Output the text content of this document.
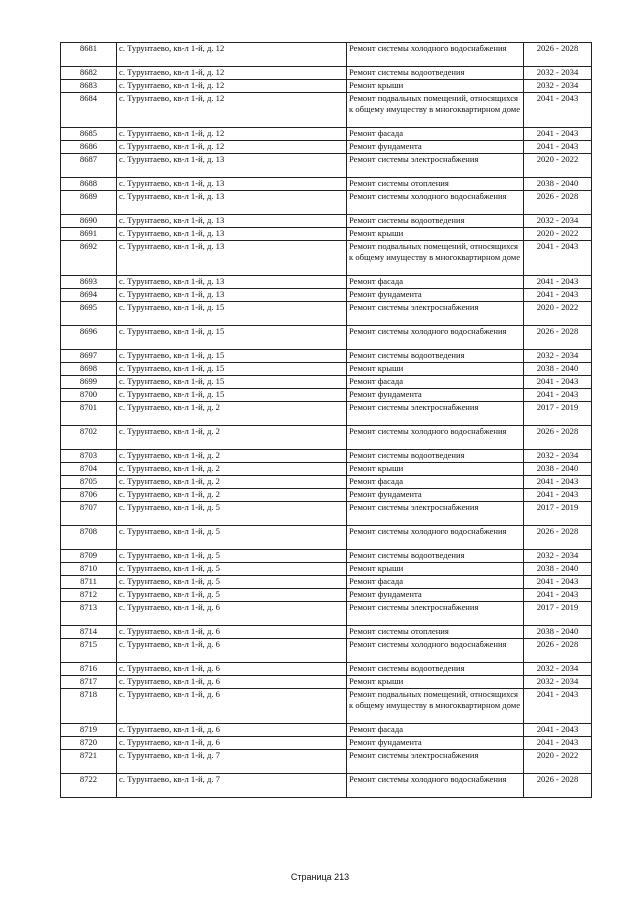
8681	с. Турунтаево, кв-л 1-й, д. 12	Ремонт системы холодного водоснабжения	2026 - 2028
8682	с. Турунтаево, кв-л 1-й, д. 12	Ремонт системы водоотведения	2032 - 2034
8683	с. Турунтаево, кв-л 1-й, д. 12	Ремонт крыши	2032 - 2034
8684	с. Турунтаево, кв-л 1-й, д. 12	Ремонт подвальных помещений, относящихся к общему имуществу в многоквартирном доме	2041 - 2043
8685	с. Турунтаево, кв-л 1-й, д. 12	Ремонт фасада	2041 - 2043
8686	с. Турунтаево, кв-л 1-й, д. 12	Ремонт фундамента	2041 - 2043
8687	с. Турунтаево, кв-л 1-й, д. 13	Ремонт системы электроснабжения	2020 - 2022
8688	с. Турунтаево, кв-л 1-й, д. 13	Ремонт системы отопления	2038 - 2040
8689	с. Турунтаево, кв-л 1-й, д. 13	Ремонт системы холодного водоснабжения	2026 - 2028
8690	с. Турунтаево, кв-л 1-й, д. 13	Ремонт системы водоотведения	2032 - 2034
8691	с. Турунтаево, кв-л 1-й, д. 13	Ремонт крыши	2020 - 2022
8692	с. Турунтаево, кв-л 1-й, д. 13	Ремонт подвальных помещений, относящихся к общему имуществу в многоквартирном доме	2041 - 2043
8693	с. Турунтаево, кв-л 1-й, д. 13	Ремонт фасада	2041 - 2043
8694	с. Турунтаево, кв-л 1-й, д. 13	Ремонт фундамента	2041 - 2043
8695	с. Турунтаево, кв-л 1-й, д. 15	Ремонт системы электроснабжения	2020 - 2022
8696	с. Турунтаево, кв-л 1-й, д. 15	Ремонт системы холодного водоснабжения	2026 - 2028
8697	с. Турунтаево, кв-л 1-й, д. 15	Ремонт системы водоотведения	2032 - 2034
8698	с. Турунтаево, кв-л 1-й, д. 15	Ремонт крыши	2038 - 2040
8699	с. Турунтаево, кв-л 1-й, д. 15	Ремонт фасада	2041 - 2043
8700	с. Турунтаево, кв-л 1-й, д. 15	Ремонт фундамента	2041 - 2043
8701	с. Турунтаево, кв-л 1-й, д. 2	Ремонт системы электроснабжения	2017 - 2019
8702	с. Турунтаево, кв-л 1-й, д. 2	Ремонт системы холодного водоснабжения	2026 - 2028
8703	с. Турунтаево, кв-л 1-й, д. 2	Ремонт системы водоотведения	2032 - 2034
8704	с. Турунтаево, кв-л 1-й, д. 2	Ремонт крыши	2038 - 2040
8705	с. Турунтаево, кв-л 1-й, д. 2	Ремонт фасада	2041 - 2043
8706	с. Турунтаево, кв-л 1-й, д. 2	Ремонт фундамента	2041 - 2043
8707	с. Турунтаево, кв-л 1-й, д. 5	Ремонт системы электроснабжения	2017 - 2019
8708	с. Турунтаево, кв-л 1-й, д. 5	Ремонт системы холодного водоснабжения	2026 - 2028
8709	с. Турунтаево, кв-л 1-й, д. 5	Ремонт системы водоотведения	2032 - 2034
8710	с. Турунтаево, кв-л 1-й, д. 5	Ремонт крыши	2038 - 2040
8711	с. Турунтаево, кв-л 1-й, д. 5	Ремонт фасада	2041 - 2043
8712	с. Турунтаево, кв-л 1-й, д. 5	Ремонт фундамента	2041 - 2043
8713	с. Турунтаево, кв-л 1-й, д. 6	Ремонт системы электроснабжения	2017 - 2019
8714	с. Турунтаево, кв-л 1-й, д. 6	Ремонт системы отопления	2038 - 2040
8715	с. Турунтаево, кв-л 1-й, д. 6	Ремонт системы холодного водоснабжения	2026 - 2028
8716	с. Турунтаево, кв-л 1-й, д. 6	Ремонт системы водоотведения	2032 - 2034
8717	с. Турунтаево, кв-л 1-й, д. 6	Ремонт крыши	2032 - 2034
8718	с. Турунтаево, кв-л 1-й, д. 6	Ремонт подвальных помещений, относящихся к общему имуществу в многоквартирном доме	2041 - 2043
8719	с. Турунтаево, кв-л 1-й, д. 6	Ремонт фасада	2041 - 2043
8720	с. Турунтаево, кв-л 1-й, д. 6	Ремонт фундамента	2041 - 2043
8721	с. Турунтаево, кв-л 1-й, д. 7	Ремонт системы электроснабжения	2020 - 2022
8722	с. Турунтаево, кв-л 1-й, д. 7	Ремонт системы холодного водоснабжения	2026 - 2028
Страница 213
